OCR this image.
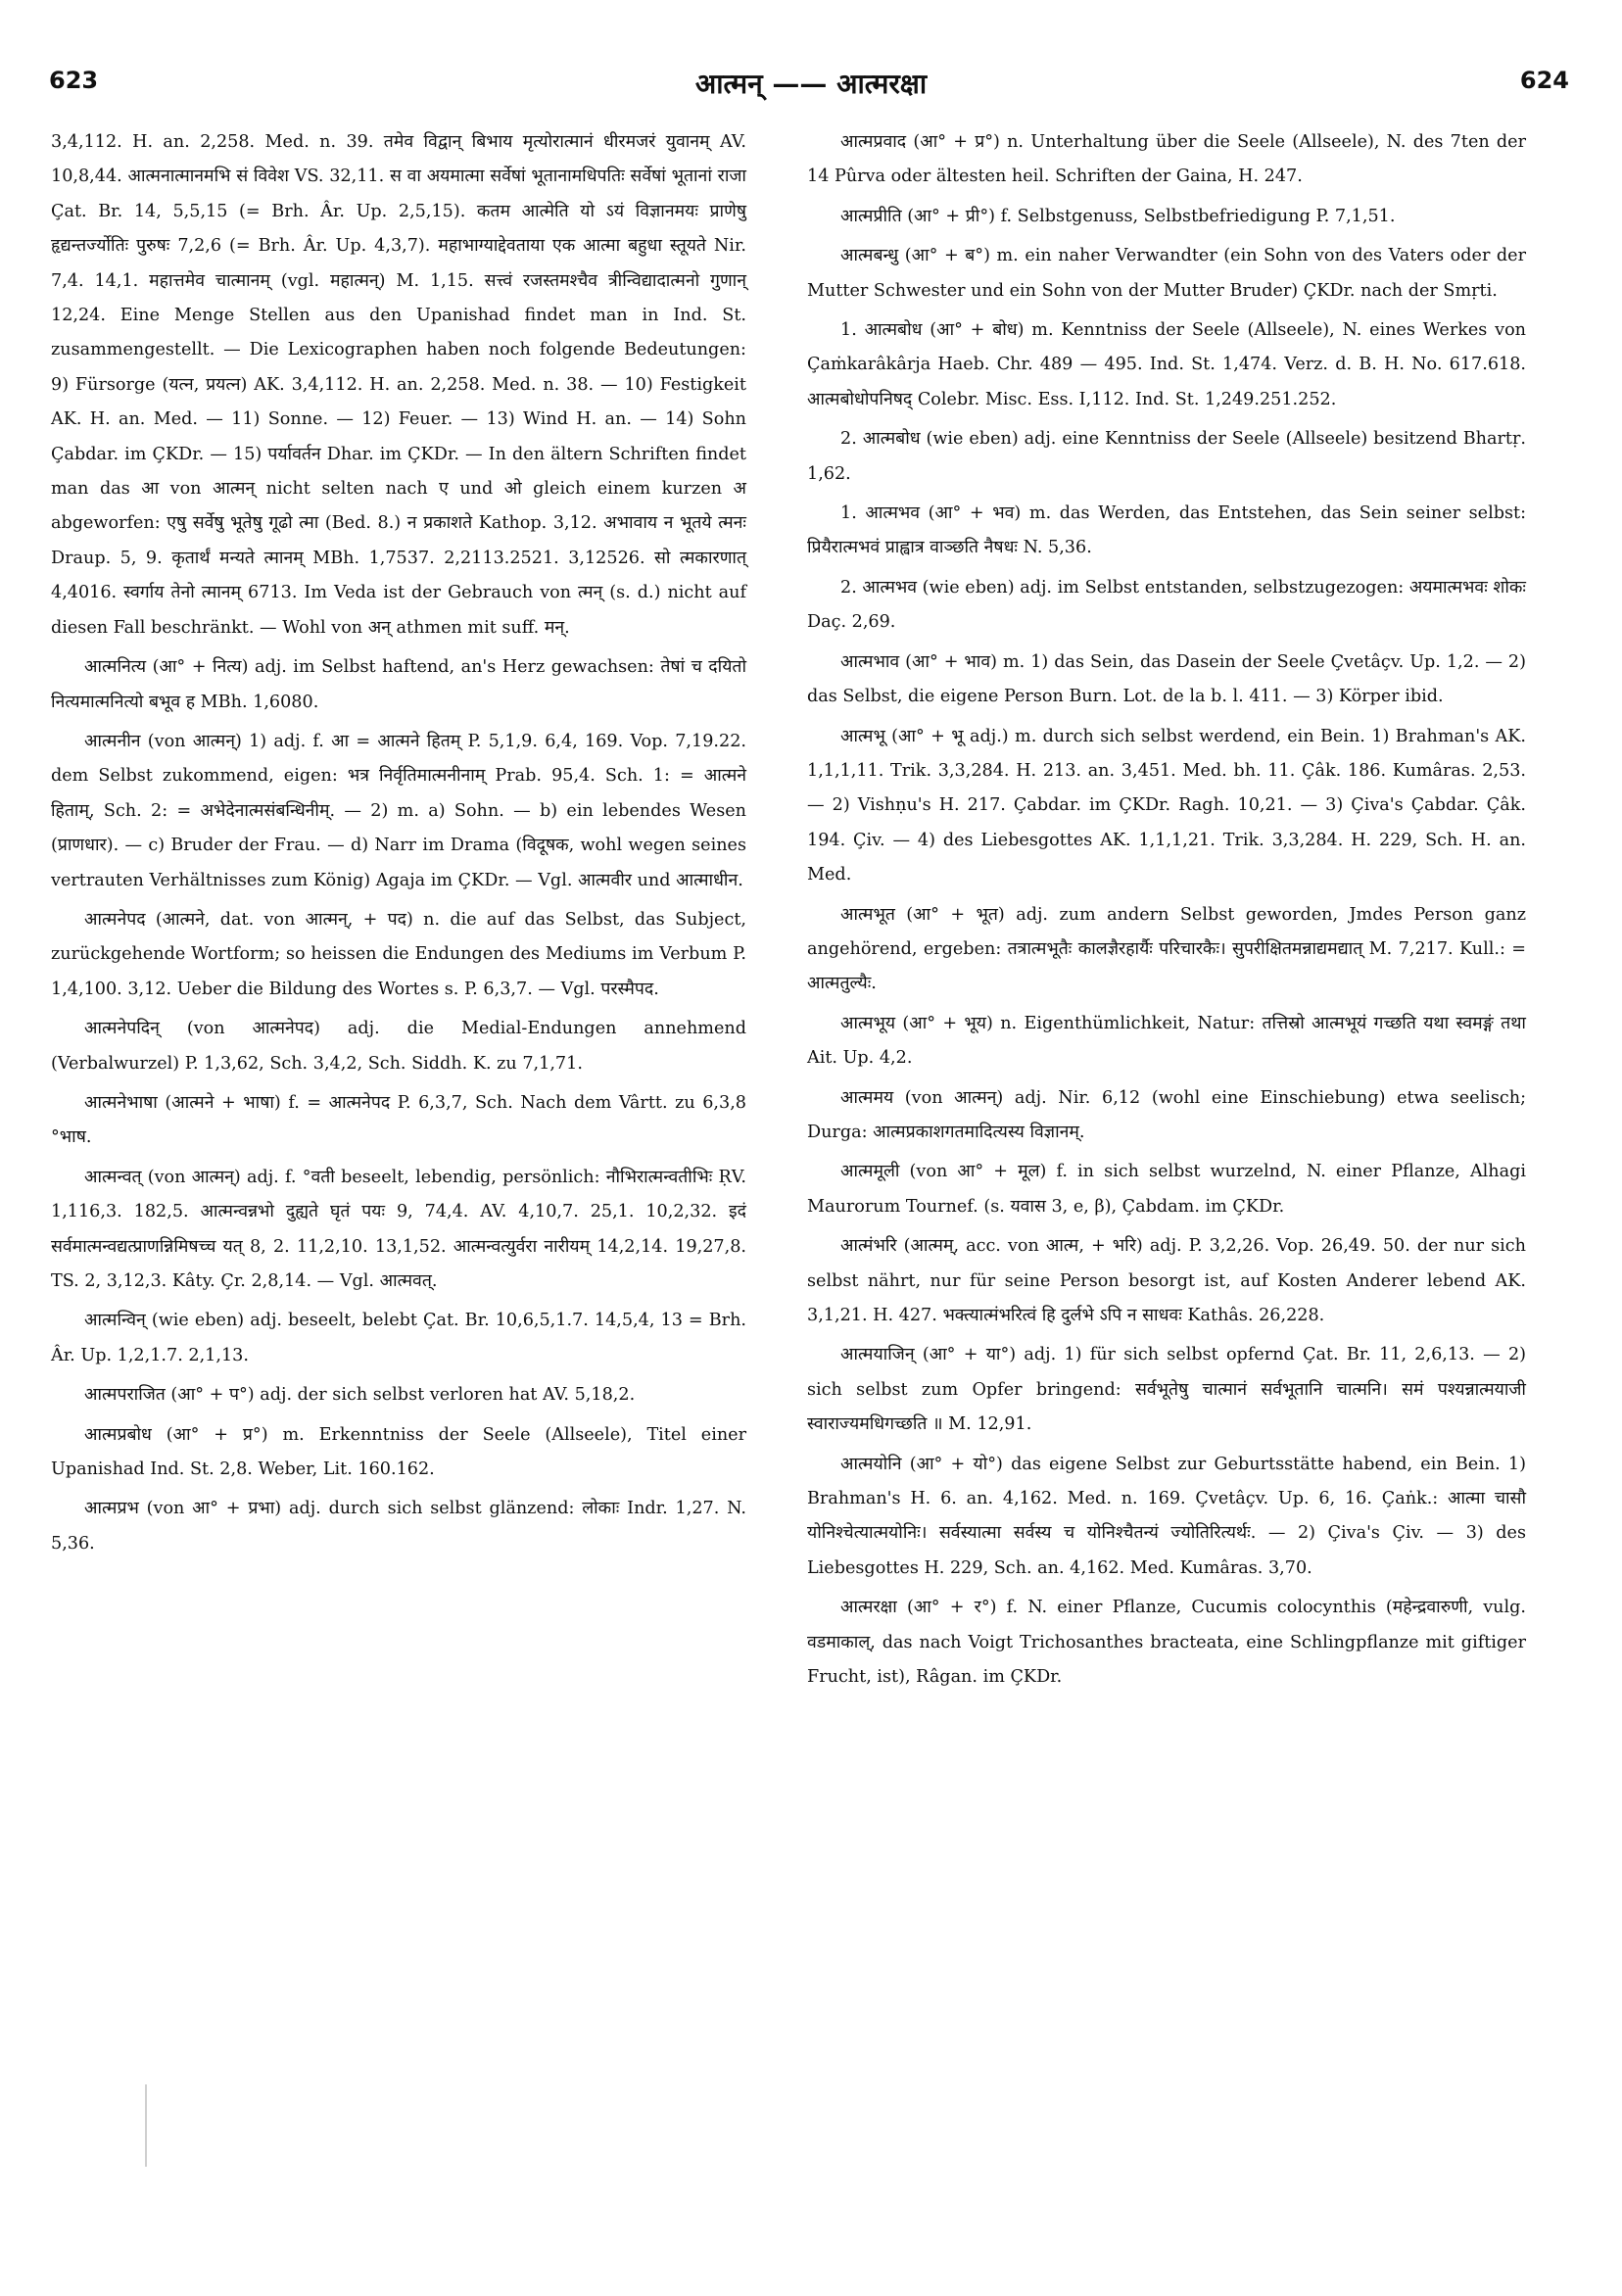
623	आत्मन् —— आत्मरक्षा	624

3,4,112. H. an. 2,258. Med. n. 39. तमेव विद्वान् बिभाय मृत्योरात्मानं धीरमजरं युवानम् AV. 10,8,44. आत्मनात्मानमभि सं विवेश VS. 32,11. स वा अयमात्मा सर्वेषां भूतानामधिपतिः सर्वेषां भूतानां राजा Çat. Br. 14, 5,5,15 (= Brh. Âr. Up. 2,5,15). कतम आत्मेति यो ऽयं विज्ञानमयः प्राणेषु हृद्यन्तर्ज्योतिः पुरुषः 7,2,6 (= Brh. Âr. Up. 4,3,7). महाभाग्याद्देवताया एक आत्मा बहुधा स्तूयते Nir. 7,4. 14,1. महात्तमेव चात्मानम् (vgl. महात्मन्) M. 1,15. सत्त्वं रजस्तमश्चैव त्रीन्विद्यादात्मनो गुणान् 12,24. Eine Menge Stellen aus den Upanishad findet man in Ind. St. zusammengestellt. — Die Lexicographen haben noch folgende Bedeutungen: 9) Fürsorge (यत्न, प्रयत्न) AK. 3,4,112. H. an. 2,258. Med. n. 38. — 10) Festigkeit AK. H. an. Med. — 11) Sonne. — 12) Feuer. — 13) Wind H. an. — 14) Sohn Çabdar. im ÇKDr. — 15) पर्यावर्तन Dhar. im ÇKDr. — In den ältern Schriften findet man das आ von आत्मन् nicht selten nach ए und ओ gleich einem kurzen अ abgeworfen: एषु सर्वेषु भूतेषु गूढो त्मा (Bed. 8.) न प्रकाशते Kathop. 3,12. अभावाय न भूतये त्मनः Draup. 5, 9. कृतार्थं मन्यते त्मानम् MBh. 1,7537. 2,2113.2521. 3,12526. सो त्मकारणात् 4,4016. स्वर्गाय तेनो त्मानम् 6713. Im Veda ist der Gebrauch von त्मन् (s. d.) nicht auf diesen Fall beschränkt. — Wohl von अन् athmen mit suff. मन्.

आत्मनित्य (आ° + नित्य) adj. im Selbst haftend, an's Herz gewachsen: तेषां च दयितो नित्यमात्मनित्यो बभूव ह MBh. 1,6080.

आत्मनीन (von आत्मन्) 1) adj. f. आ = आत्मने हितम् P. 5,1,9. 6,4, 169. Vop. 7,19.22. dem Selbst zukommend, eigen: भत्र निर्वृतिमात्मनीनाम् Prab. 95,4. Sch. 1: = आत्मने हिताम्, Sch. 2: = अभेदेनात्मसंबन्धिनीम्. — 2) m. a) Sohn. — b) ein lebendes Wesen (प्राणधार). — c) Bruder der Frau. — d) Narr im Drama (विदूषक, wohl wegen seines vertrauten Verhältnisses zum König) Agaja im ÇKDr. — Vgl. आत्मवीर und आत्माधीन.

आत्मनेपद (आत्मने, dat. von आत्मन्, + पद) n. die auf das Selbst, das Subject, zurückgehende Wortform; so heissen die Endungen des Mediums im Verbum P. 1,4,100. 3,12. Ueber die Bildung des Wortes s. P. 6,3,7. — Vgl. परस्मैपद.

आत्मनेपदिन् (von आत्मनेपद) adj. die Medial-Endungen annehmend (Verbalwurzel) P. 1,3,62, Sch. 3,4,2, Sch. Siddh. K. zu 7,1,71.

आत्मनेभाषा (आत्मने + भाषा) f. = आत्मनेपद P. 6,3,7, Sch. Nach dem Vârtt. zu 6,3,8 °भाष.

आत्मन्वत् (von आत्मन्) adj. f. °वती beseelt, lebendig, persönlich: नौभिरात्मन्वतीभिः ṚV. 1,116,3. 182,5. आत्मन्वन्नभो दुह्यते घृतं पयः 9, 74,4. AV. 4,10,7. 25,1. 10,2,32. इदं सर्वमात्मन्वद्यत्प्राणन्निमिषच्च यत् 8, 2. 11,2,10. 13,1,52. आत्मन्वत्युर्वरा नारीयम् 14,2,14. 19,27,8. TS. 2, 3,12,3. Kâty. Çr. 2,8,14. — Vgl. आत्मवत्.

आत्मन्विन् (wie eben) adj. beseelt, belebt Çat. Br. 10,6,5,1.7. 14,5,4, 13 = Brh. Âr. Up. 1,2,1.7. 2,1,13.

आत्मपराजित (आ° + प°) adj. der sich selbst verloren hat AV. 5,18,2.

आत्मप्रबोध (आ° + प्र°) m. Erkenntniss der Seele (Allseele), Titel einer Upanishad Ind. St. 2,8. Weber, Lit. 160.162.

आत्मप्रभ (von आ° + प्रभा) adj. durch sich selbst glänzend: लोकाः Indr. 1,27. N. 5,36.

आत्मप्रवाद (आ° + प्र°) n. Unterhaltung über die Seele (Allseele), N. des 7ten der 14 Pûrva oder ältesten heil. Schriften der Gaina, H. 247.

आत्मप्रीति (आ° + प्री°) f. Selbstgenuss, Selbstbefriedigung P. 7,1,51.

आत्मबन्धु (आ° + ब°) m. ein naher Verwandter (ein Sohn von des Vaters oder der Mutter Schwester und ein Sohn von der Mutter Bruder) ÇKDr. nach der Smṛti.

1. आत्मबोध (आ° + बोध) m. Kenntniss der Seele (Allseele), N. eines Werkes von Çaṁkarâkârja Haeb. Chr. 489 — 495. Ind. St. 1,474. Verz. d. B. H. No. 617.618. आत्मबोधोपनिषद् Colebr. Misc. Ess. I,112. Ind. St. 1,249.251.252.

2. आत्मबोध (wie eben) adj. eine Kenntniss der Seele (Allseele) besitzend Bhartṛ. 1,62.

1. आत्मभव (आ° + भव) m. das Werden, das Entstehen, das Sein seiner selbst: प्रियैरात्मभवं प्राह्वात्र वाञ्छति नैषधः N. 5,36.

2. आत्मभव (wie eben) adj. im Selbst entstanden, selbstzugezogen: अयमात्मभवः शोकः Daç. 2,69.

आत्मभाव (आ° + भाव) m. 1) das Sein, das Dasein der Seele Çvetâçv. Up. 1,2. — 2) das Selbst, die eigene Person Burn. Lot. de la b. l. 411. — 3) Körper ibid.

आत्मभू (आ° + भू adj.) m. durch sich selbst werdend, ein Bein. 1) Brahman's AK. 1,1,1,11. Trik. 3,3,284. H. 213. an. 3,451. Med. bh. 11. Çâk. 186. Kumâras. 2,53. — 2) Vishṇu's H. 217. Çabdar. im ÇKDr. Ragh. 10,21. — 3) Çiva's Çabdar. Çâk. 194. Çiv. — 4) des Liebesgottes AK. 1,1,1,21. Trik. 3,3,284. H. 229, Sch. H. an. Med.

आत्मभूत (आ° + भूत) adj. zum andern Selbst geworden, Jmdes Person ganz angehörend, ergeben: तत्रात्मभूतैः कालज्ञैरहार्यैः परिचारकैः। सुपरीक्षितमन्नाद्यमद्यात् M. 7,217. Kull.: = आत्मतुल्यैः.

आत्मभूय (आ° + भूय) n. Eigenthümlichkeit, Natur: तत्तिस्रो आत्मभूयं गच्छति यथा स्वमङ्गं तथा Ait. Up. 4,2.

आत्ममय (von आत्मन्) adj. Nir. 6,12 (wohl eine Einschiebung) etwa seelisch; Durga: आत्मप्रकाशगतमादित्यस्य विज्ञानम्.

आत्ममूली (von आ° + मूल) f. in sich selbst wurzelnd, N. einer Pflanze, Alhagi Maurorum Tournef. (s. यवास 3, e, β), Çabdam. im ÇKDr.

आत्मंभरि (आत्मम्, acc. von आत्म, + भरि) adj. P. 3,2,26. Vop. 26,49. 50. der nur sich selbst nährt, nur für seine Person besorgt ist, auf Kosten Anderer lebend AK. 3,1,21. H. 427. भक्त्यात्मंभरित्वं हि दुर्लभे ऽपि न साधवः Kathâs. 26,228.

आत्मयाजिन् (आ° + या°) adj. 1) für sich selbst opfernd Çat. Br. 11, 2,6,13. — 2) sich selbst zum Opfer bringend: सर्वभूतेषु चात्मानं सर्वभूतानि चात्मनि। समं पश्यन्नात्मयाजी स्वाराज्यमधिगच्छति ॥ M. 12,91.

आत्मयोनि (आ° + यो°) das eigene Selbst zur Geburtsstätte habend, ein Bein. 1) Brahman's H. 6. an. 4,162. Med. n. 169. Çvetâçv. Up. 6, 16. Çaṅk.: आत्मा चासौ योनिश्चेत्यात्मयोनिः। सर्वस्यात्मा सर्वस्य च योनिश्चैतन्यं ज्योतिरित्यर्थः. — 2) Çiva's Çiv. — 3) des Liebesgottes H. 229, Sch. an. 4,162. Med. Kumâras. 3,70.

आत्मरक्षा (आ° + र°) f. N. einer Pflanze, Cucumis colocynthis (महेन्द्रवारुणी, vulg. वडमाकाल्, das nach Voigt Trichosanthes bracteata, eine Schlingpflanze mit giftiger Frucht, ist), Râgan. im ÇKDr.
